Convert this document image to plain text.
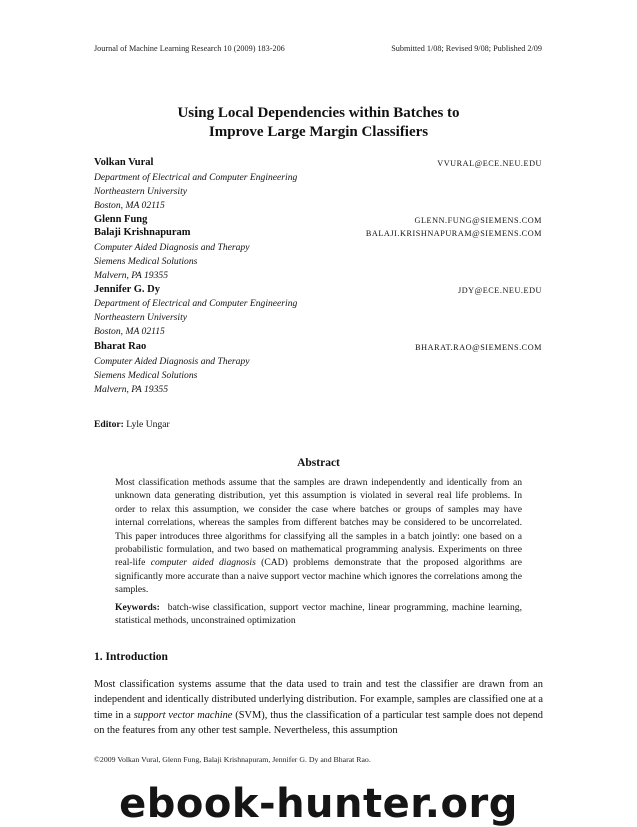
Journal of Machine Learning Research 10 (2009) 183-206	Submitted 1/08; Revised 9/08; Published 2/09
Using Local Dependencies within Batches to
Improve Large Margin Classifiers
Volkan Vural	VVURAL@ECE.NEU.EDU
Department of Electrical and Computer Engineering
Northeastern University
Boston, MA 02115
Glenn Fung	GLENN.FUNG@SIEMENS.COM
Balaji Krishnapuram	BALAJI.KRISHNAPURAM@SIEMENS.COM
Computer Aided Diagnosis and Therapy
Siemens Medical Solutions
Malvern, PA 19355
Jennifer G. Dy	JDY@ECE.NEU.EDU
Department of Electrical and Computer Engineering
Northeastern University
Boston, MA 02115
Bharat Rao	BHARAT.RAO@SIEMENS.COM
Computer Aided Diagnosis and Therapy
Siemens Medical Solutions
Malvern, PA 19355
Editor: Lyle Ungar
Abstract
Most classification methods assume that the samples are drawn independently and identically from an unknown data generating distribution, yet this assumption is violated in several real life problems. In order to relax this assumption, we consider the case where batches or groups of samples may have internal correlations, whereas the samples from different batches may be considered to be uncorrelated. This paper introduces three algorithms for classifying all the samples in a batch jointly: one based on a probabilistic formulation, and two based on mathematical programming analysis. Experiments on three real-life computer aided diagnosis (CAD) problems demonstrate that the proposed algorithms are significantly more accurate than a naive support vector machine which ignores the correlations among the samples.
Keywords: batch-wise classification, support vector machine, linear programming, machine learning, statistical methods, unconstrained optimization
1. Introduction
Most classification systems assume that the data used to train and test the classifier are drawn from an independent and identically distributed underlying distribution. For example, samples are classified one at a time in a support vector machine (SVM), thus the classification of a particular test sample does not depend on the features from any other test sample. Nevertheless, this assumption
©2009 Volkan Vural, Glenn Fung, Balaji Krishnapuram, Jennifer G. Dy and Bharat Rao.
ebook-hunter.org
